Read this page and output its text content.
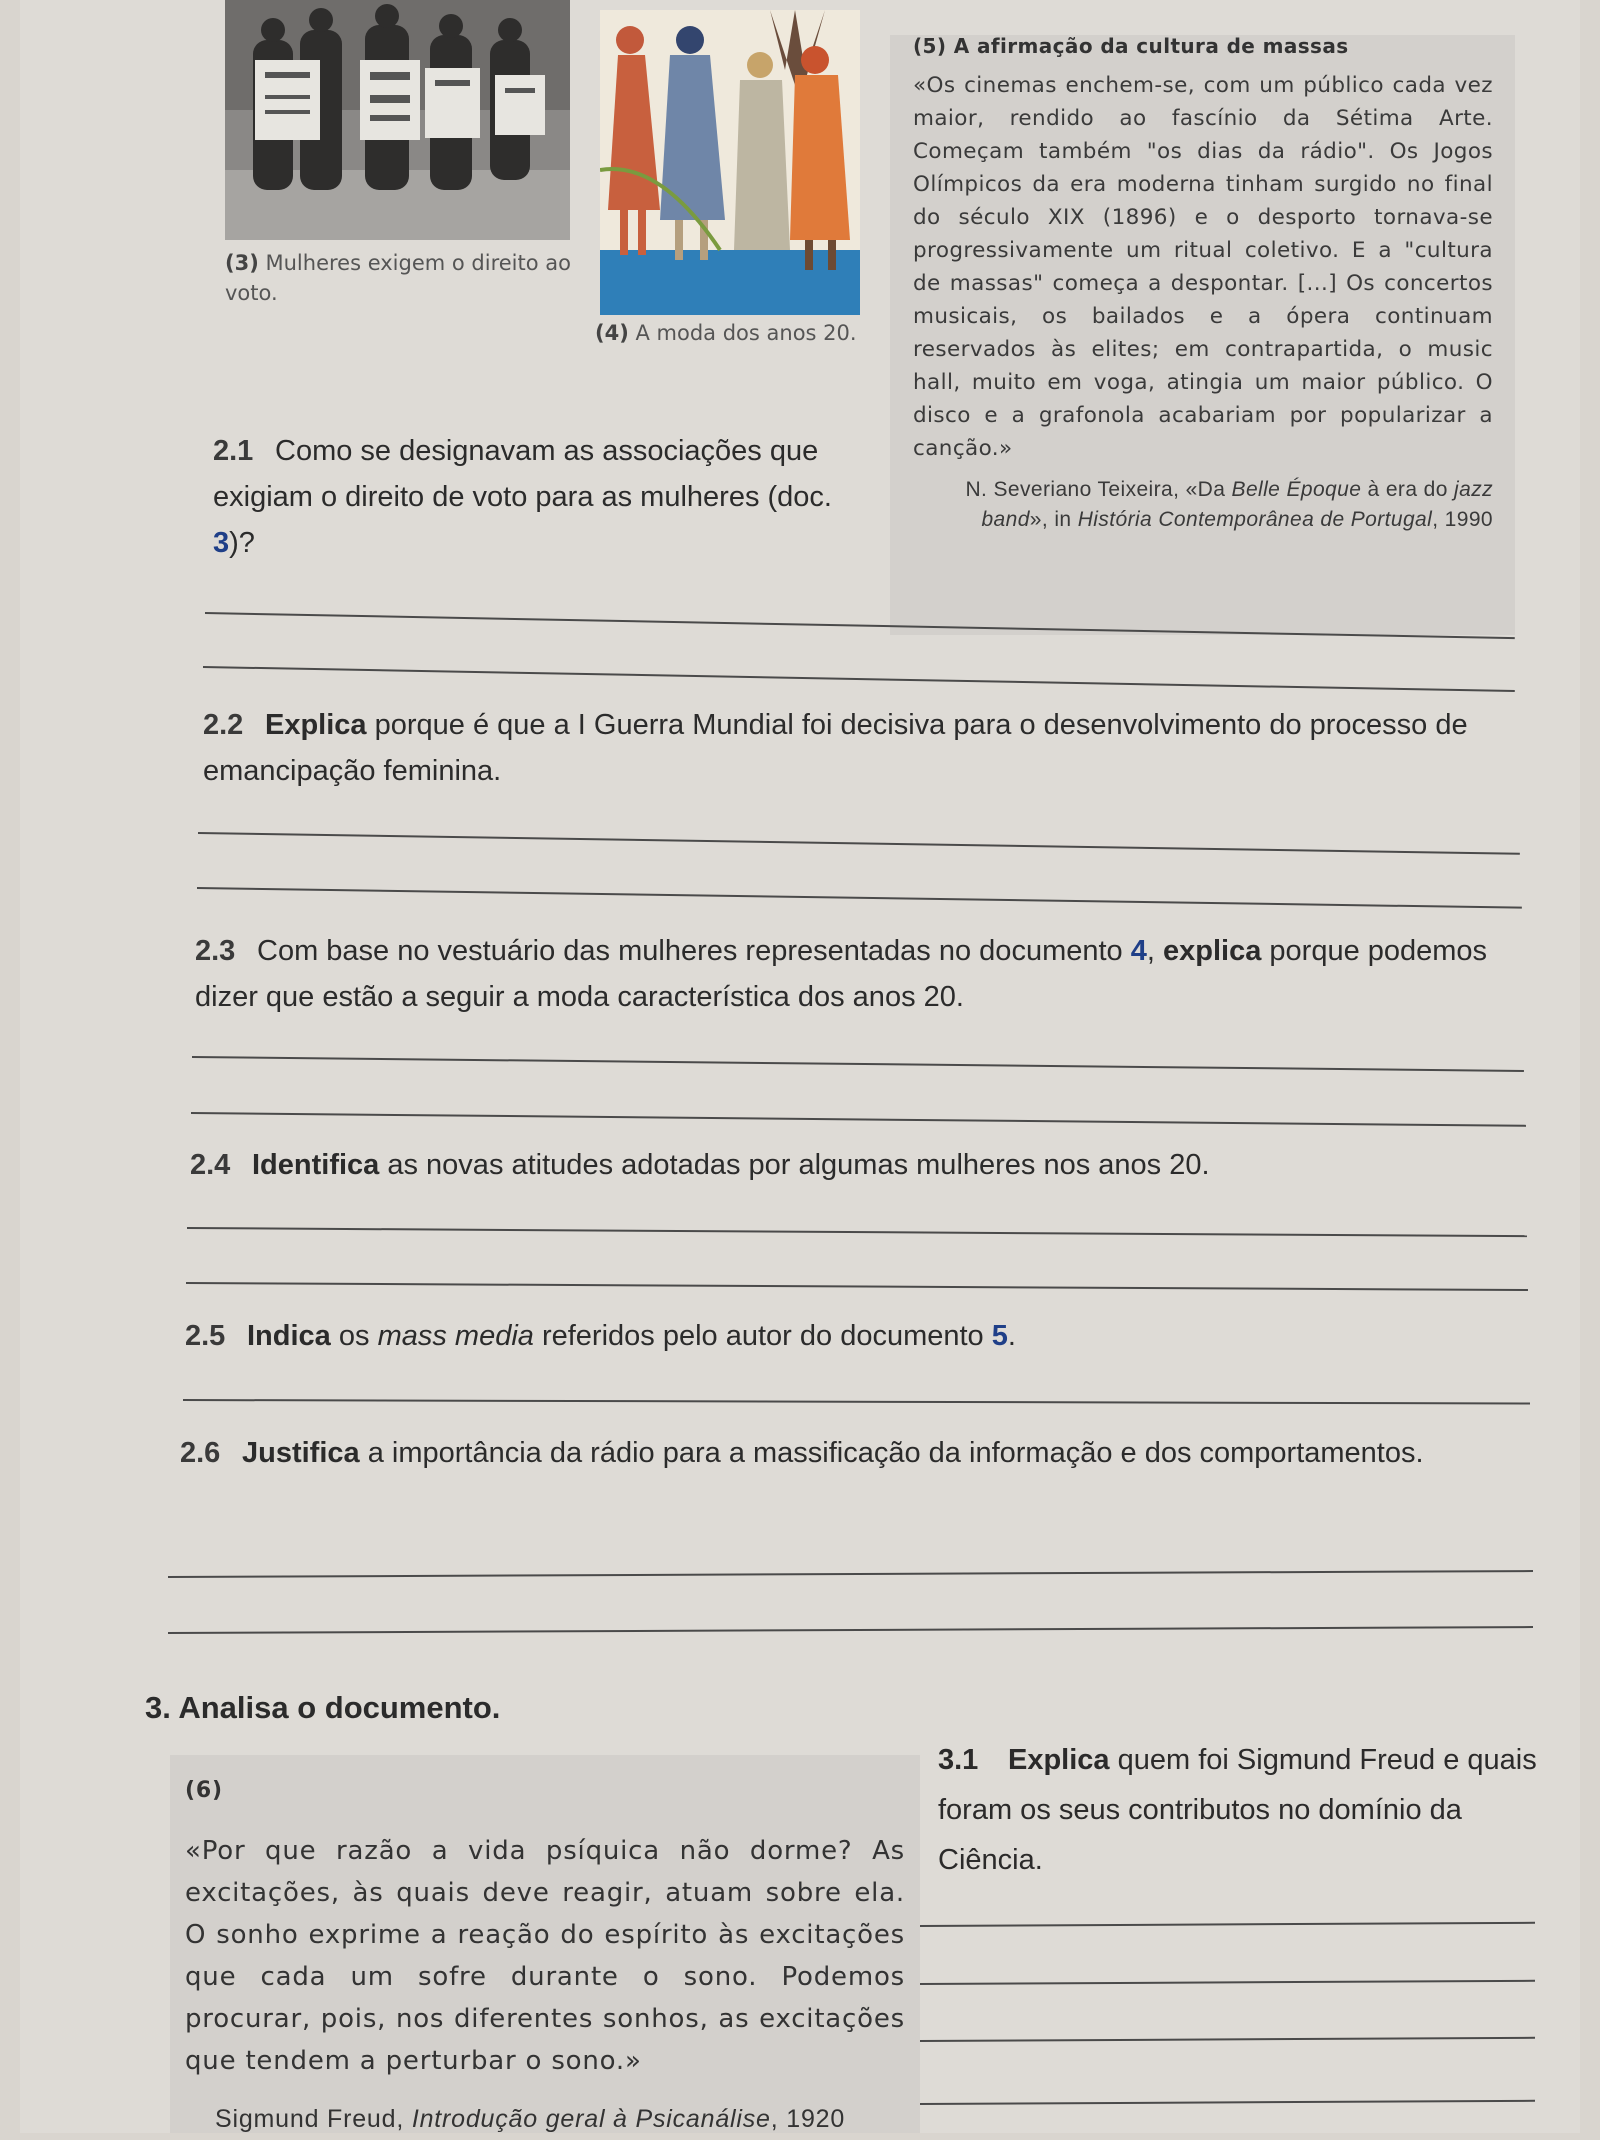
(3) Mulheres exigem o direito ao voto.
(4) A moda dos anos 20.
(5) A afirmação da cultura de massas
«Os cinemas enchem-se, com um público cada vez maior, rendido ao fascínio da Sétima Arte. Começam também "os dias da rádio". Os Jogos Olímpicos da era moderna tinham surgido no final do século XIX (1896) e o desporto tornava-se progressivamente um ritual coletivo. E a "cultura de massas" começa a despontar. [...] Os concertos musicais, os bailados e a ópera continuam reservados às elites; em contrapartida, o music hall, muito em voga, atingia um maior público. O disco e a grafonola acabariam por popularizar a canção.»
N. Severiano Teixeira, «Da Belle Époque à era do jazz band», in História Contemporânea de Portugal, 1990
2.1 Como se designavam as associações que exigiam o direito de voto para as mulheres (doc. 3)?
2.2 Explica porque é que a I Guerra Mundial foi decisiva para o desenvolvimento do processo de emancipação feminina.
2.3 Com base no vestuário das mulheres representadas no documento 4, explica porque podemos dizer que estão a seguir a moda característica dos anos 20.
2.4 Identifica as novas atitudes adotadas por algumas mulheres nos anos 20.
2.5 Indica os mass media referidos pelo autor do documento 5.
2.6 Justifica a importância da rádio para a massificação da informação e dos comportamentos.
3. Analisa o documento.
(6)
«Por que razão a vida psíquica não dorme? As excitações, às quais deve reagir, atuam sobre ela. O sonho exprime a reação do espírito às excitações que cada um sofre durante o sono. Podemos procurar, pois, nos diferentes sonhos, as excitações que tendem a perturbar o sono.»
Sigmund Freud, Introdução geral à Psicanálise, 1920
3.1 Explica quem foi Sigmund Freud e quais foram os seus contributos no domínio da Ciência.
